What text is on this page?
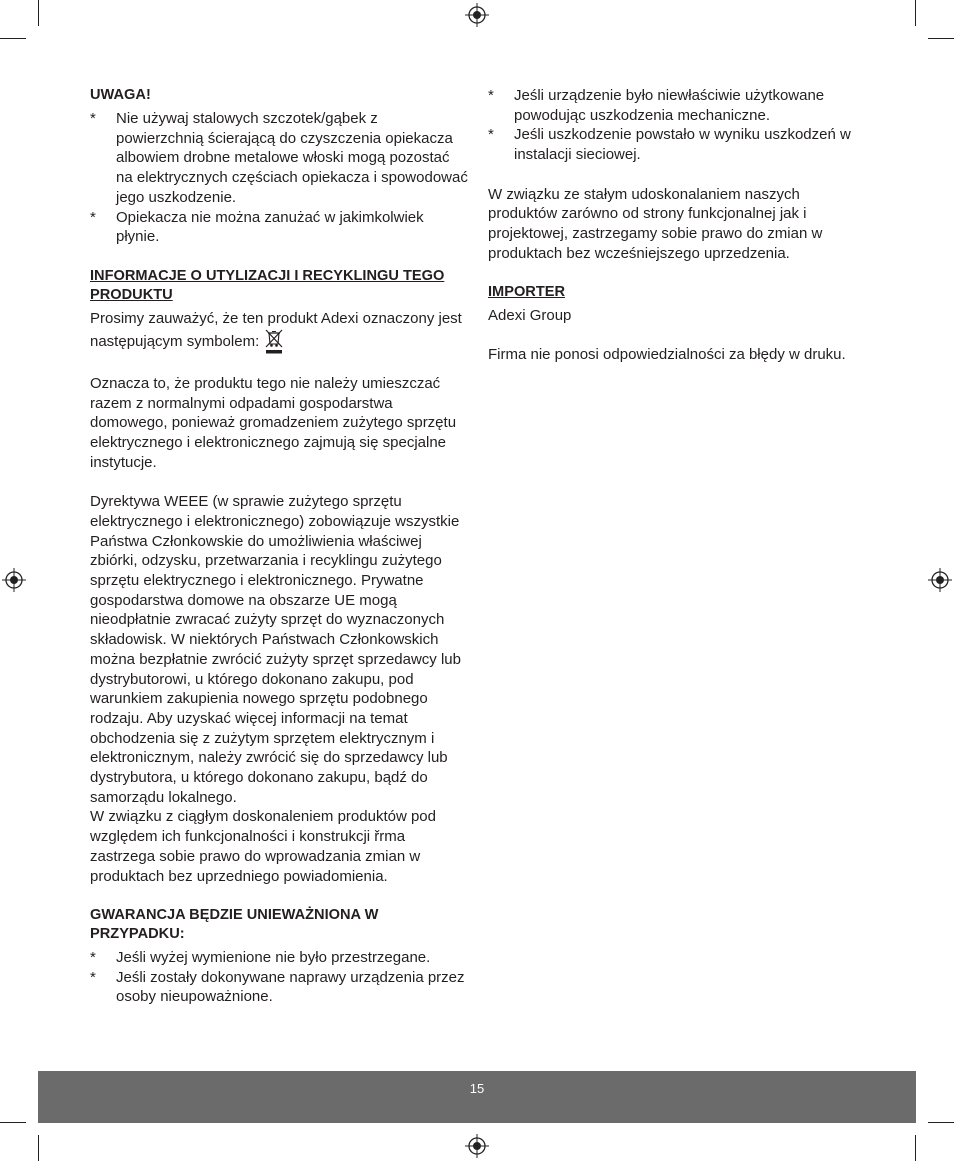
UWAGA!
* Nie używaj stalowych szczotek/gąbek z powierzchnią ścierającą do czyszczenia opiekacza albowiem drobne metalowe włoski mogą pozostać na elektrycznych częściach opiekacza i spowodować jego uszkodzenie.
* Opiekacza nie można zanużać w jakimkolwiek płynie.
INFORMACJE O UTYLIZACJI I RECYKLINGU TEGO PRODUKTU

Prosimy zauważyć, że ten produkt Adexi oznaczony jest następującym symbolem:

Oznacza to, że produktu tego nie należy umieszczać razem z normalnymi odpadami gospodarstwa domowego, ponieważ gromadzeniem zużytego sprzętu elektrycznego i elektronicznego zajmują się specjalne instytucje.

Dyrektywa WEEE (w sprawie zużytego sprzętu elektrycznego i elektronicznego) zobowiązuje wszystkie Państwa Członkowskie do umożliwienia właściwej zbiórki, odzysku, przetwarzania i recyklingu zużytego sprzętu elektrycznego i elektronicznego. Prywatne gospodarstwa domowe na obszarze UE mogą nieodpłatnie zwracać zużyty sprzęt do wyznaczonych składowisk. W niektórych Państwach Członkowskich można bezpłatnie zwrócić zużyty sprzęt sprzedawcy lub dystrybutorowi, u którego dokonano zakupu, pod warunkiem zakupienia nowego sprzętu podobnego rodzaju. Aby uzyskać więcej informacji na temat obchodzenia się z zużytym sprzętem elektrycznym i elektronicznym, należy zwrócić się do sprzedawcy lub dystrybutora, u którego dokonano zakupu, bądź do samorządu lokalnego.

W związku z ciągłym doskonaleniem produktów pod względem ich funkcjonalności i konstrukcji řrma zastrzega sobie prawo do wprowadzania zmian w produktach bez uprzedniego powiadomienia.

GWARANCJA BĘDZIE UNIEWAŻNIONA W PRZYPADKU:
* Jeśli wyżej wymienione nie było przestrzegane.
* Jeśli zostały dokonywane naprawy urządzenia przez osoby nieupoważnione.
* Jeśli urządzenie było niewłaściwie użytkowane powodując uszkodzenia mechaniczne.
* Jeśli uszkodzenie powstało w wyniku uszkodzeń w instalacji sieciowej.

W związku ze stałym udoskonalaniem naszych produktów zarówno od strony funkcjonalnej jak i projektowej, zastrzegamy sobie prawo do zmian w produktach bez wcześniejszego uprzedzenia.

IMPORTER

Adexi Group

Firma nie ponosi odpowiedzialności za błędy w druku.

15
